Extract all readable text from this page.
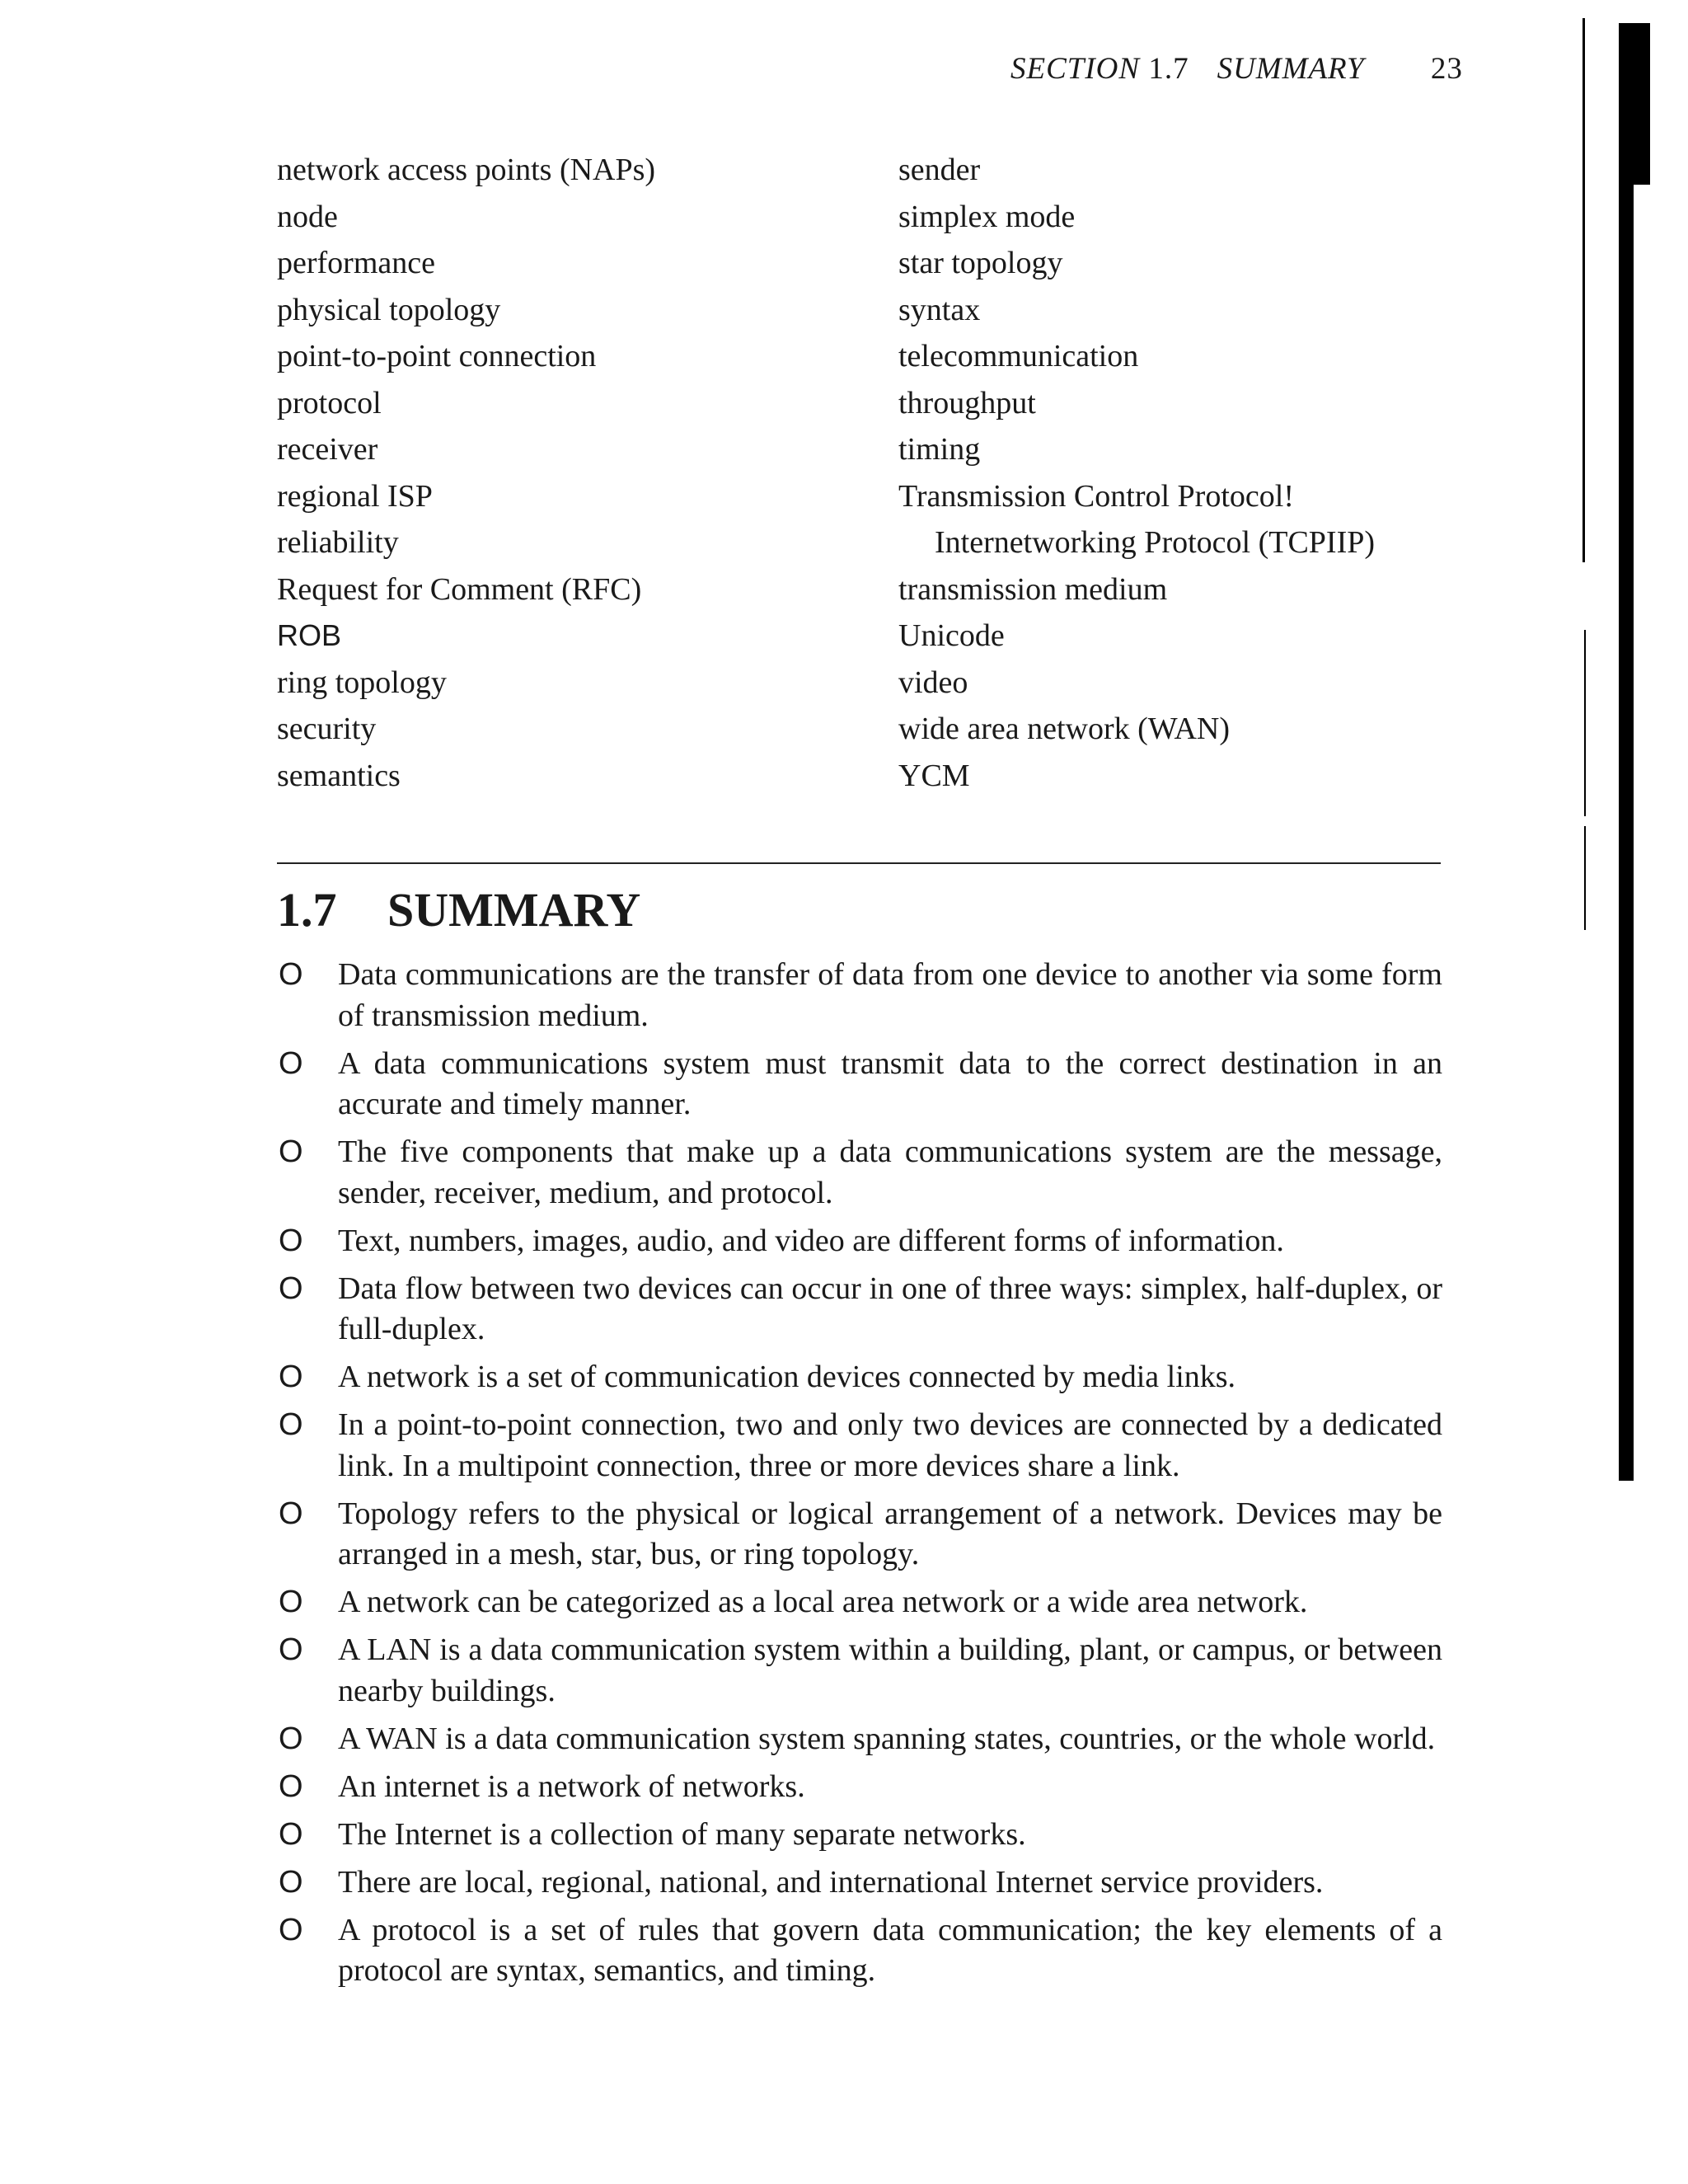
SECTION 1.7 SUMMARY 23
network access points (NAPs)
node
performance
physical topology
point-to-point connection
protocol
receiver
regional ISP
reliability
Request for Comment (RFC)
ROB
ring topology
security
semantics
sender
simplex mode
star topology
syntax
telecommunication
throughput
timing
Transmission Control Protocol!
Internetworking Protocol (TCPIIP)
transmission medium
Unicode
video
wide area network (WAN)
YCM
1.7 SUMMARY
O Data communications are the transfer of data from one device to another via some form of transmission medium.
O A data communications system must transmit data to the correct destination in an accurate and timely manner.
O The five components that make up a data communications system are the message, sender, receiver, medium, and protocol.
O Text, numbers, images, audio, and video are different forms of information.
O Data flow between two devices can occur in one of three ways: simplex, half-duplex, or full-duplex.
O A network is a set of communication devices connected by media links.
O In a point-to-point connection, two and only two devices are connected by a dedicated link. In a multipoint connection, three or more devices share a link.
O Topology refers to the physical or logical arrangement of a network. Devices may be arranged in a mesh, star, bus, or ring topology.
O A network can be categorized as a local area network or a wide area network.
O A LAN is a data communication system within a building, plant, or campus, or between nearby buildings.
O A WAN is a data communication system spanning states, countries, or the whole world.
O An internet is a network of networks.
O The Internet is a collection of many separate networks.
O There are local, regional, national, and international Internet service providers.
O A protocol is a set of rules that govern data communication; the key elements of a protocol are syntax, semantics, and timing.
